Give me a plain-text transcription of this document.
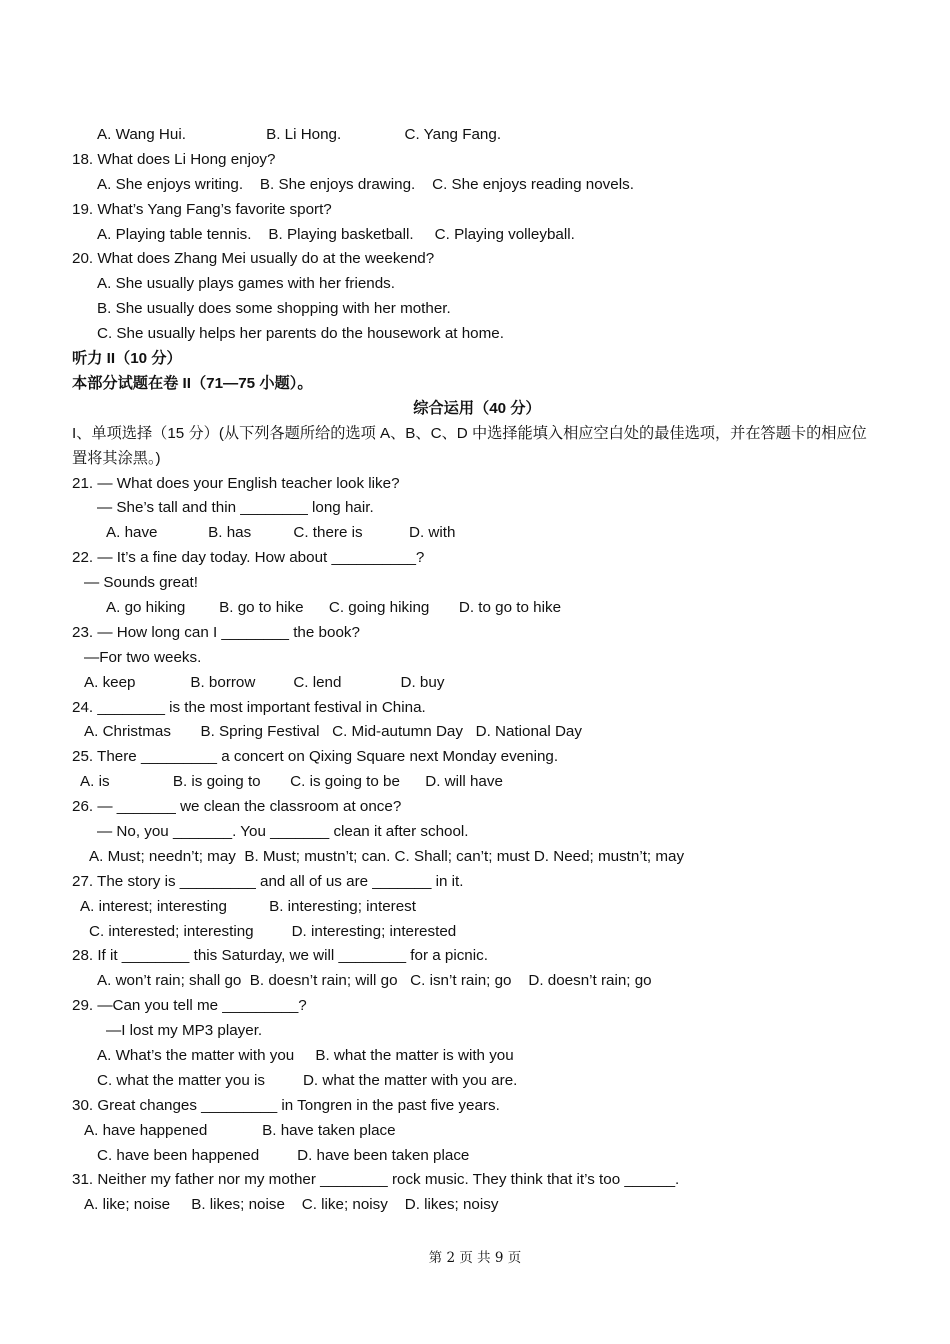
A. Wang Hui.                   B. Li Hong.               C. Yang Fang.
18. What does Li Hong enjoy?
A. She enjoys writing.    B. She enjoys drawing.    C. She enjoys reading novels.
19. What’s Yang Fang’s favorite sport?
A. Playing table tennis.    B. Playing basketball.     C. Playing volleyball.
20. What does Zhang Mei usually do at the weekend?
A. She usually plays games with her friends.
B. She usually does some shopping with her mother.
C. She usually helps her parents do the housework at home.
听力 II（10 分）
本部分试题在卷 II（71—75 小题）。
综合运用（40 分）
I、单项选择（15 分）(从下列各题所给的选项 A、B、C、D 中选择能填入相应空白处的最佳选项，并在答题卡的相应位置将其涂黑。)
21. — What does your English teacher look like?
— She’s tall and thin ________ long hair.
A. have            B. has          C. there is           D. with
22. — It’s a fine day today. How about __________?
— Sounds great!
A. go hiking        B. go to hike      C. going hiking       D. to go to hike
23. — How long can I ________ the book?
—For two weeks.
A. keep             B. borrow         C. lend              D. buy
24. ________ is the most important festival in China.
A. Christmas       B. Spring Festival   C. Mid-autumn Day   D. National Day
25. There _________ a concert on Qixing Square next Monday evening.
A. is               B. is going to       C. is going to be      D. will have
26. — _______ we clean the classroom at once?
— No, you _______. You _______ clean it after school.
A. Must; needn’t; may  B. Must; mustn’t; can. C. Shall; can’t; must D. Need; mustn’t; may
27. The story is _________ and all of us are _______ in it.
A. interest; interesting          B. interesting; interest
C. interested; interesting         D. interesting; interested
28. If it ________ this Saturday, we will ________ for a picnic.
A. won’t rain; shall go  B. doesn’t rain; will go   C. isn’t rain; go    D. doesn’t rain; go
29. —Can you tell me _________?
—I lost my MP3 player.
A. What’s the matter with you     B. what the matter is with you
C. what the matter you is         D. what the matter with you are.
30. Great changes _________ in Tongren in the past five years.
A. have happened             B. have taken place
C. have been happened         D. have been taken place
31. Neither my father nor my mother ________ rock music. They think that it’s too ______.
A. like; noise     B. likes; noise    C. like; noisy    D. likes; noisy
第 2 页 共 9 页
